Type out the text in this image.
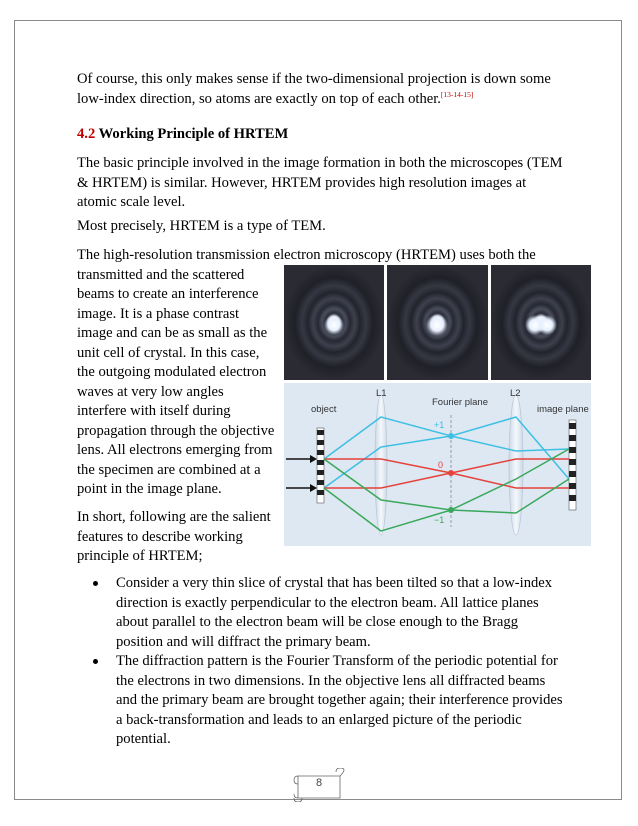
Of course, this only makes sense if the two-dimensional projection is down some
low-index direction, so atoms are exactly on top of each other.[13-14-15]
4.2 Working Principle of HRTEM
The basic principle involved in the image formation in both the microscopes (TEM
& HRTEM) is similar. However, HRTEM provides high resolution images at
atomic scale level.
Most precisely, HRTEM is a type of TEM.
The high-resolution transmission electron microscopy (HRTEM) uses both the
transmitted and the scattered
beams to create an interference
image. It is a phase contrast
image and can be as small as the
unit cell of crystal. In this case,
the outgoing modulated electron
waves at very low angles
interfere with itself during
propagation through the objective
lens. All electrons emerging from
the specimen are combined at a
point in the image plane.
In short, following are the salient
features to describe working
principle of HRTEM;
object
L1
Fourier plane
L2
image plane
+1
0
−1
Consider a very thin slice of crystal that has been tilted so that a low-index
direction is exactly perpendicular to the electron beam. All lattice planes
about parallel to the electron beam will be close enough to the Bragg
position and will diffract the primary beam.
The diffraction pattern is the Fourier Transform of the periodic potential for
the electrons in two dimensions. In the objective lens all diffracted beams
and the primary beam are brought together again; their interference provides
a back-transformation and leads to an enlarged picture of the periodic
potential.
8
